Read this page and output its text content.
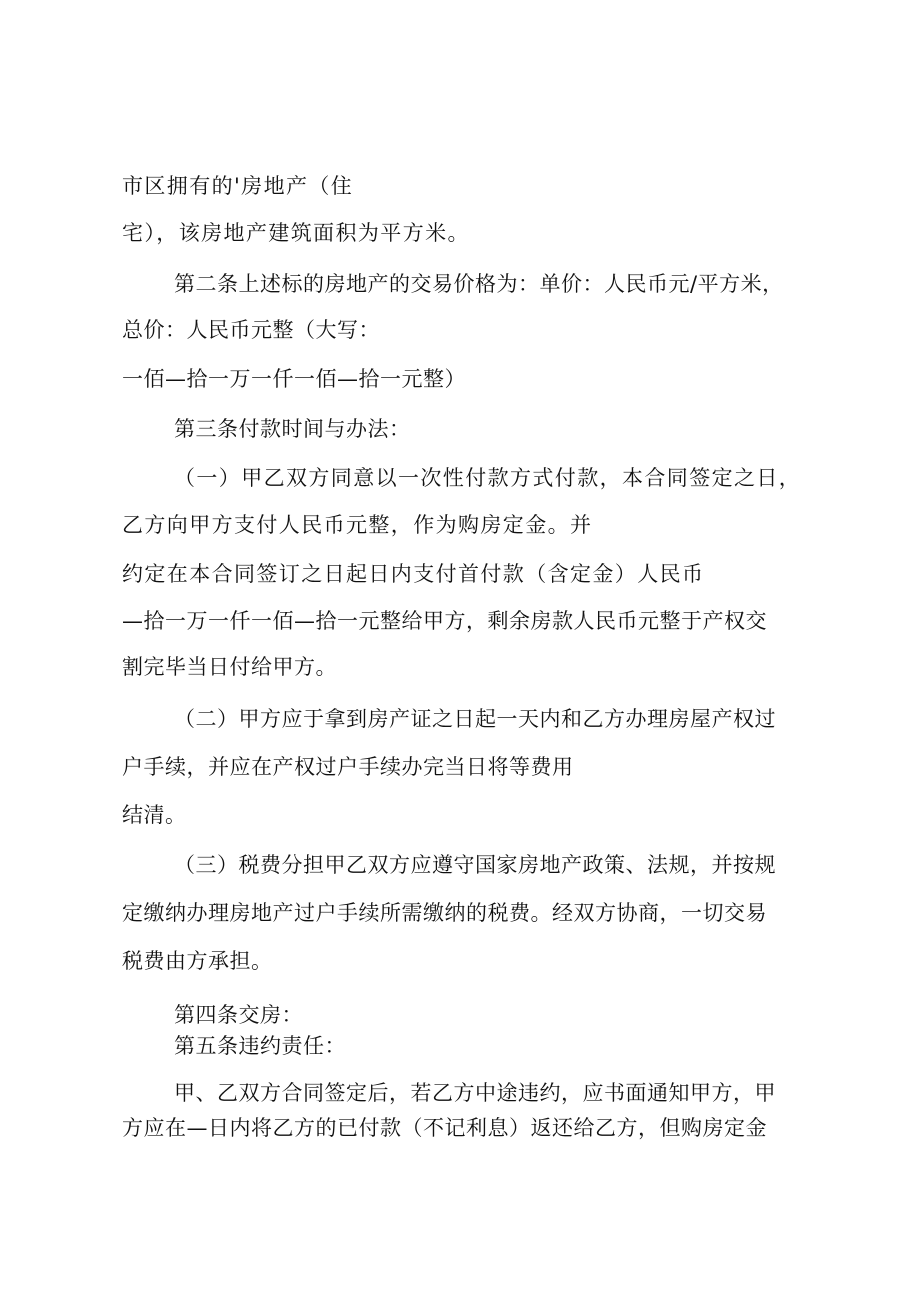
市区拥有的'房地产（住
宅），该房地产建筑面积为平方米。
第二条上述标的房地产的交易价格为：单价：人民币元/平方米，
总价：人民币元整（大写：
一佰—拾一万一仟一佰—拾一元整）
第三条付款时间与办法：
（一）甲乙双方同意以一次性付款方式付款，本合同签定之日，
乙方向甲方支付人民币元整，作为购房定金。并
约定在本合同签订之日起日内支付首付款（含定金）人民币
—拾一万一仟一佰—拾一元整给甲方，剩余房款人民币元整于产权交
割完毕当日付给甲方。
（二）甲方应于拿到房产证之日起一天内和乙方办理房屋产权过
户手续，并应在产权过户手续办完当日将等费用
结清。
（三）税费分担甲乙双方应遵守国家房地产政策、法规，并按规
定缴纳办理房地产过户手续所需缴纳的税费。经双方协商，一切交易
税费由方承担。
第四条交房：
第五条违约责任：
甲、乙双方合同签定后，若乙方中途违约，应书面通知甲方，甲
方应在—日内将乙方的已付款（不记利息）返还给乙方，但购房定金
